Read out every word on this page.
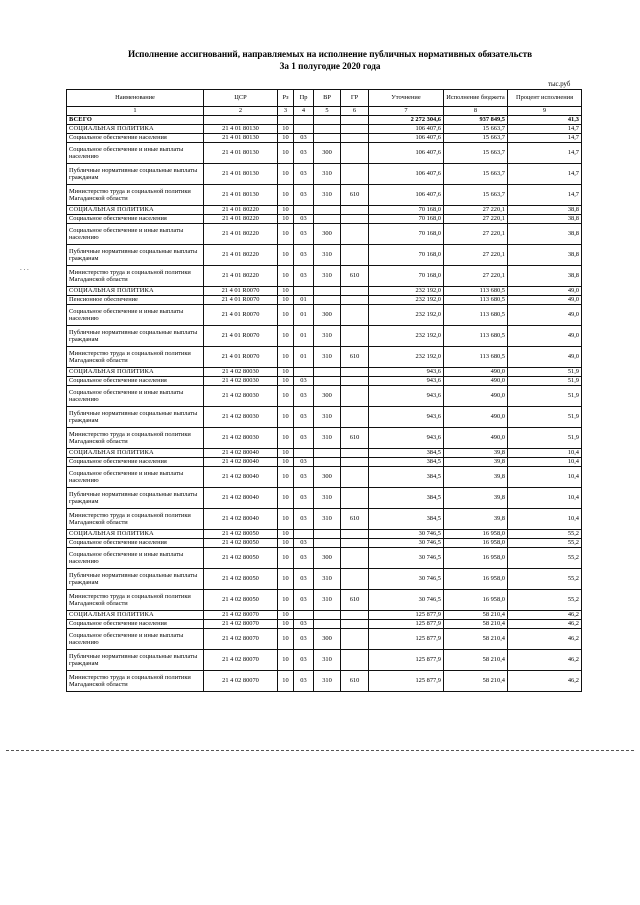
Исполнение ассигнований, направляемых на исполнение публичных нормативных обязательств
За 1 полугодие 2020 года
тыс.руб
. . .
Наименование	ЦСР	Рз	Пр	ВР	ГР	Уточнение	Исполнение бюджета	Процент исполнения
1	2	3	4	5	6	7	8	9
ВСЕГО						2 272 304,6	937 849,5	41,3
СОЦИАЛЬНАЯ ПОЛИТИКА	21 4 01 80130	10				106 407,6	15 663,7	14,7
Социальное обеспечение населения	21 4 01 80130	10	03			106 407,6	15 663,7	14,7
Социальное обеспечение и иные выплаты населению	21 4 01 80130	10	03	300		106 407,6	15 663,7	14,7
Публичные нормативные социальные выплаты гражданам	21 4 01 80130	10	03	310		106 407,6	15 663,7	14,7
Министерство труда и социальной политики Магаданской области	21 4 01 80130	10	03	310	610	106 407,6	15 663,7	14,7
СОЦИАЛЬНАЯ ПОЛИТИКА	21 4 01 80220	10				70 168,0	27 220,1	38,8
Социальное обеспечение населения	21 4 01 80220	10	03			70 168,0	27 220,1	38,8
Социальное обеспечение и иные выплаты населению	21 4 01 80220	10	03	300		70 168,0	27 220,1	38,8
Публичные нормативные социальные выплаты гражданам	21 4 01 80220	10	03	310		70 168,0	27 220,1	38,8
Министерство труда и социальной политики Магаданской области	21 4 01 80220	10	03	310	610	70 168,0	27 220,1	38,8
СОЦИАЛЬНАЯ ПОЛИТИКА	21 4 01 R0070	10				232 192,0	113 680,5	49,0
Пенсионное обеспечение	21 4 01 R0070	10	01			232 192,0	113 680,5	49,0
Социальное обеспечение и иные выплаты населению	21 4 01 R0070	10	01	300		232 192,0	113 680,5	49,0
Публичные нормативные социальные выплаты гражданам	21 4 01 R0070	10	01	310		232 192,0	113 680,5	49,0
Министерство труда и социальной политики Магаданской области	21 4 01 R0070	10	01	310	610	232 192,0	113 680,5	49,0
СОЦИАЛЬНАЯ ПОЛИТИКА	21 4 02 80030	10				943,6	490,0	51,9
Социальное обеспечение населения	21 4 02 80030	10	03			943,6	490,0	51,9
Социальное обеспечение и иные выплаты населению	21 4 02 80030	10	03	300		943,6	490,0	51,9
Публичные нормативные социальные выплаты гражданам	21 4 02 80030	10	03	310		943,6	490,0	51,9
Министерство труда и социальной политики Магаданской области	21 4 02 80030	10	03	310	610	943,6	490,0	51,9
СОЦИАЛЬНАЯ ПОЛИТИКА	21 4 02 80040	10				384,5	39,8	10,4
Социальное обеспечение населения	21 4 02 80040	10	03			384,5	39,8	10,4
Социальное обеспечение и иные выплаты населению	21 4 02 80040	10	03	300		384,5	39,8	10,4
Публичные нормативные социальные выплаты гражданам	21 4 02 80040	10	03	310		384,5	39,8	10,4
Министерство труда и социальной политики Магаданской области	21 4 02 80040	10	03	310	610	384,5	39,8	10,4
СОЦИАЛЬНАЯ ПОЛИТИКА	21 4 02 80050	10				30 746,5	16 958,0	55,2
Социальное обеспечение населения	21 4 02 80050	10	03			30 746,5	16 958,0	55,2
Социальное обеспечение и иные выплаты населению	21 4 02 80050	10	03	300		30 746,5	16 958,0	55,2
Публичные нормативные социальные выплаты гражданам	21 4 02 80050	10	03	310		30 746,5	16 958,0	55,2
Министерство труда и социальной политики Магаданской области	21 4 02 80050	10	03	310	610	30 746,5	16 958,0	55,2
СОЦИАЛЬНАЯ ПОЛИТИКА	21 4 02 80070	10				125 877,9	58 210,4	46,2
Социальное обеспечение населения	21 4 02 80070	10	03			125 877,9	58 210,4	46,2
Социальное обеспечение и иные выплаты населению	21 4 02 80070	10	03	300		125 877,9	58 210,4	46,2
Публичные нормативные социальные выплаты гражданам	21 4 02 80070	10	03	310		125 877,9	58 210,4	46,2
Министерство труда и социальной политики Магаданской области	21 4 02 80070	10	03	310	610	125 877,9	58 210,4	46,2
